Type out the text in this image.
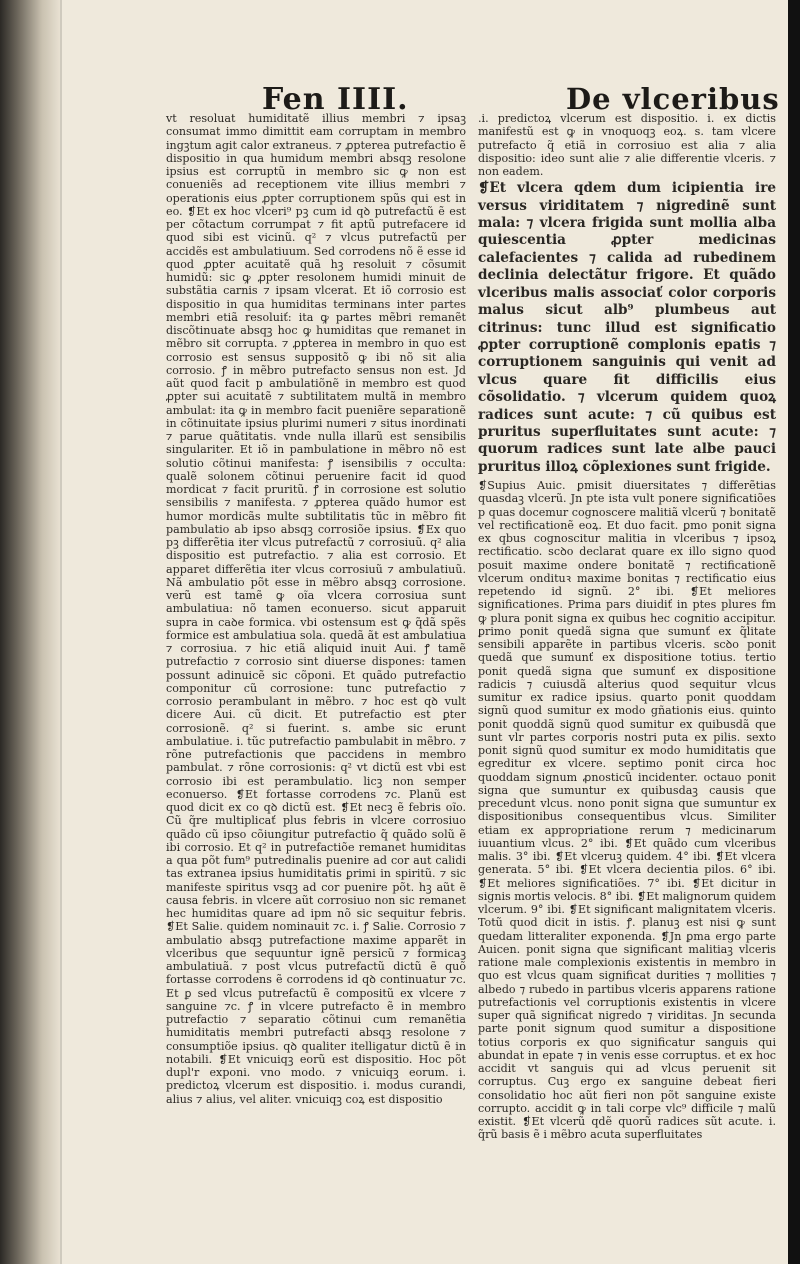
Fen IIII.	De vlceribus

vt resoluat humiditatẽ illius membri ⁊ ipsaꝫ consumat immo dimittit eam corruptam in membro ingꝫtum agit calor extraneus. ⁊ ꝓpterea putrefactio ẽ dispositio in qua humidum membri absqꝫ resolone ipsius est corruptũ in membro sic ꝙ non est conueniẽs ad receptionem vite illius membri ⁊ operationis eius ꝓpter corruptionem spũs qui est in eo. ❡Et ex hoc vlceri⁹ pꝫ cum id qꝺ putrefactũ ẽ est per cõtactum corrumpat ⁊ fit aptũ putrefacere id quod sibi est vicinũ. q² ⁊ vlcus putrefactũ per accidẽs est ambulatiuum. Sed corrodens nõ ẽ esse id quod ꝓpter acuitatẽ quã hꝫ resoluit ⁊ cõsumit humidũ: sic ꝙ ꝓpter resolonem humidi minuit de substãtia carnis ⁊ ipsam vlcerat. Et iõ corrosio est dispositio in qua humiditas terminans inter partes membri etiã resoluiť: ita ꝙ partes mẽbri remanẽt discõtinuate absqꝫ hoc ꝙ humiditas que remanet in mẽbro sit corrupta. ⁊ ꝓpterea in membro in quo est corrosio est sensus suppositõ ꝙ ibi nõ sit alia corrosio. ꝭ in mẽbro putrefacto sensus non est. Jd aũt quod facit p ambulatiõnẽ in membro est quod ꝓpter sui acuitatẽ ⁊ subtilitatem multã in membro ambulat: ita ꝙ in membro facit pueniẽre separationẽ in cõtinuitate ipsius plurimi numeri ⁊ situs inordinati ⁊ parue quãtitatis. vnde nulla illarũ est sensibilis singulariter. Et iõ in pambulatione in mẽbro nõ est solutio cõtinui manifesta: ꝭ isensibilis ⁊ occulta: qualẽ solonem cõtinui peruenire facit id quod mordicat ⁊ facit pruritũ. ꝭ in corrosione est solutio sensibilis ⁊ manifesta. ⁊ ꝓpterea quãdo humor est humor mordicãs multe subtilitatis tũc in mẽbro fit pambulatio ab ipso absqꝫ corrosiõe ipsius. ❡Ex quo pꝫ differẽtia iter vlcus putrefactũ ⁊ corrosiuũ. q² alia dispositio est putrefactio. ⁊ alia est corrosio. Et apparet differẽtia iter vlcus corrosiuũ ⁊ ambulatiuũ. Nã ambulatio põt esse in mẽbro absqꝫ corrosione. verũ est tamẽ ꝙ oĩa vlcera corrosiua sunt ambulatiua: nõ tamen econuerso. sicut apparuit supra in caꝺe formica. vbi ostensum est ꝙ q̃dã spẽs formice est ambulatiua sola. quedã ãt est ambulatiua ⁊ corrosiua. ⁊ hic etiã aliquid inuit Aui. ꝭ tamẽ putrefactio ⁊ corrosio sint diuerse dispones: tamen possunt adinuicẽ sic cõponi. Et quãdo putrefactio componitur cũ corrosione: tunc putrefactio ⁊ corrosio perambulant in mẽbro. ⁊ hoc est qꝺ vult dicere Aui. cũ dicit. Et putrefactio est ꝑter corrosionẽ. q² si fuerint. s. ambe sic erunt ambulatiue. i. tũc putrefactio pambulabit in mẽbro. ⁊ rõne putrefactionis que paccidens in membro pambulat. ⁊ rõne corrosionis: q² vt dictũ est vbi est corrosio ibi est perambulatio. licꝫ non semper econuerso. ❡Et fortasse corrodens ⁊c. Planũ est quod dicit ex co qꝺ dictũ est. ❡Et necꝫ ẽ febris oĩo. Cũ q̃re multiplicať plus febris in vlcere corrosiuo quãdo cũ ipso cõiungitur putrefactio q̃ quãdo solũ ẽ ibi corrosio. Et q² in putrefactiõe remanet humiditas a qua põt fum⁹ putredinalis puenire ad cor aut calidi tas extranea ipsius humiditatis ꝑrimi in spiritũ. ⁊ sic manifeste spiritus vsqꝫ ad cor puenire põt. hꝫ aũt ẽ causa febris. in vlcere aũt corrosiuo non sic remanet hec humiditas quare ad ipm nõ sic sequitur febris. ❡Et Salie. quidem nominauit ⁊c. i. ꝭ Salie. Corrosio ⁊ ambulatio absqꝫ putrefactione maxime apparẽt in vlceribus que sequuntur ignẽ persicũ ⁊ formicaꝫ ambulatiuã. ⁊ post vlcus putrefactũ dictũ ẽ quõ fortasse corrodens ẽ corrodens id qꝺ continuatur ⁊c. Et ꝑ sed vlcus putrefactũ ẽ compositũ ex vlcere ⁊ sanguine ⁊c. ꝭ in vlcere putrefacto ẽ in membro putrefactio ⁊ separatio cõtinui cum remanẽtia humiditatis membri putrefacti absqꝫ resolone ⁊ consumptiõe ipsius. qꝺ qualiter itelligatur dictũ ẽ in notabili. ❡Et vnicuiqꝫ eorũ est dispositio. Hoc põt dupl'r exponi. vno modo. ⁊ vnicuiqꝫ eorum. i. predictoꝝ vlcerum est dispositio. i. modus curandi, alius ⁊ alius, vel aliter. vnicuiqꝫ coꝝ est dispositio

.i. predictoꝝ vlcerum est dispositio. i. ex dictis manifestũ est ꝙ in vnoquoqꝫ eoꝝ. s. tam vlcere putrefacto q̃ etiã in corrosiuo est alia ⁊ alia dispositio: ideo sunt alie ⁊ alie differentie vlceris. ⁊ non eadem.

❡Et vlcera qdem dum icipientia ire versus viriditatem ⁊ nigredinẽ sunt mala: ⁊ vlcera frigida sunt mollia alba quiescentia ꝓpter medicinas calefacientes ⁊ calida ad rubedinem declinia delectãtur frigore. Et quãdo vlceribus malis associať color corporis malus sicut alb⁹ plumbeus aut citrinus: tunc illud est significatio ꝓpter corruptionẽ complonis epatis ⁊ corruptionem sanguinis qui venit ad vlcus quare fit difficilis eius cõsolidatio. ⁊ vlcerum quidem quoꝝ radices sunt acute: ⁊ cũ quibus est pruritus superfluitates sunt acute: ⁊ quorum radices sunt late albe pauci pruritus illoꝝ cõplexiones sunt frigide.

❡Supius Auic. ꝑmisit diuersitates ⁊ differẽtias quasdaꝫ vlcerũ. Jn pte ista vult ponere significatiões p quas docemur cognoscere malitiã vlcerũ ⁊ bonitatẽ vel rectificationẽ eoꝝ. Et duo facit. ꝑmo ponit signa ex qbus cognoscitur malitia in vlceribus ⁊ ipsoꝝ rectificatio. scꝺo declarat quare ex illo signo quod posuit maxime ondere bonitatẽ ⁊ rectificationẽ vlcerum ondituꝛ maxime bonitas ⁊ rectificatio eius repetendo id signũ. 2° ibi. ❡Et meliores significationes. Prima pars diuidiť in ptes plures fm ꝙ plura ponit signa ex quibus hec cognitio accipitur. ꝑrimo ponit quedã signa que sumunť ex q̃litate sensibili apparẽte in partibus vlceris. scꝺo ponit quedã que sumunť ex dispositione totius. tertio ponit quedã signa que sumunť ex dispositione radicis ⁊ cuiusdã alterius quod sequitur vlcus sumitur ex radice ipsius. quarto ponit quoddam signũ quod sumitur ex modo gñationis eius. quinto ponit quoddã signũ quod sumitur ex quibusdã que sunt vlr partes corporis nostri puta ex pilis. sexto ponit signũ quod sumitur ex modo humiditatis que egreditur ex vlcere. septimo ponit circa hoc quoddam signum ꝓnosticũ incidenter. octauo ponit signa que sumuntur ex quibusdaꝫ causis que precedunt vlcus. nono ponit signa que sumuntur ex dispositionibus consequentibus vlcus. Similiter etiam ex appropriatione rerum ⁊ medicinarum iuuantium vlcus. 2° ibi. ❡Et quãdo cum vlceribus malis. 3° ibi. ❡Et vlceruꝫ quidem. 4° ibi. ❡Et vlcera generata. 5° ibi. ❡Et vlcera decientia pilos. 6° ibi. ❡Et meliores significatiões. 7° ibi. ❡Et dicitur in signis mortis velocis. 8° ibi. ❡Et malignorum quidem vlcerum. 9° ibi. ❡Et significant malignitatem vlceris. Totũ quod dicit in istis. ꝭ. planuꝫ est nisi ꝙ sunt quedam litteraliter exponenda. ❡Jn ꝑma ergo parte Auicen. ponit signa que significant malitiaꝫ vlceris ratione male complexionis existentis in membro in quo est vlcus quam significat durities ⁊ mollities ⁊ albedo ⁊ rubedo in partibus vlceris apparens ratione putrefactionis vel corruptionis existentis in vlcere super quã significat nigredo ⁊ viriditas. Jn secunda parte ponit signum quod sumitur a dispositione totius corporis ex quo significatur sanguis qui abundat in epate ⁊ in venis esse corruptus. et ex hoc accidit vt sanguis qui ad vlcus peruenit sit corruptus. Cuꝫ ergo ex sanguine debeat fieri consolidatio hoc aũt fieri non põt sanguine existe corrupto. accidit ꝙ in tali corpe vlc⁹ difficile ⁊ malũ existit. ❡Et vlcerũ qdẽ quorũ radices sũt acute. i. q̃rũ basis ẽ i mẽbro acuta superfluitates
